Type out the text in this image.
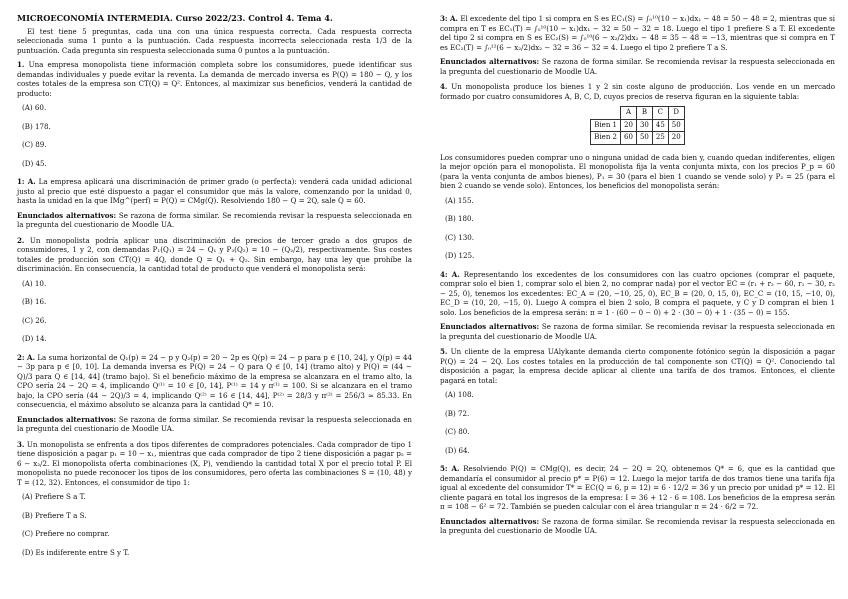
MICROECONOMÍA INTERMEDIA. Curso 2022/23. Control 4. Tema 4.

El test tiene 5 preguntas, cada una con una única respuesta correcta. Cada respuesta correcta seleccionada suma 1 punto a la puntuación. Cada respuesta incorrecta seleccionada resta 1/3 de la puntuación. Cada pregunta sin respuesta seleccionada suma 0 puntos a la puntuación.

1. Una empresa monopolista tiene información completa sobre los consumidores, puede identificar sus demandas individuales y puede evitar la reventa. La demanda de mercado inversa es P(Q) = 180 − Q, y los costes totales de la empresa son CT(Q) = Q². Entonces, al maximizar sus beneficios, venderá la cantidad de producto:

(A) 60.
(B) 178.
(C) 89.
(D) 45.

1: A. La empresa aplicará una discriminación de primer grado (o perfecta): venderá cada unidad adicional justo al precio que esté dispuesto a pagar el consumidor que más la valore, comenzando por la unidad 0, hasta la unidad en la que IMg^(perf) = P(Q) = CMg(Q). Resolviendo 180 − Q = 2Q, sale Q = 60.

Enunciados alternativos: Se razona de forma similar. Se recomienda revisar la respuesta seleccionada en la pregunta del cuestionario de Moodle UA.

2. Un monopolista podría aplicar una discriminación de precios de tercer grado a dos grupos de consumidores, 1 y 2, con demandas P₁(Q₁) = 24 − Q₁ y P₂(Q₂) = 10 − (Q₂/2), respectivamente. Sus costes totales de producción son CT(Q) = 4Q, donde Q = Q₁ + Q₂. Sin embargo, hay una ley que prohíbe la discriminación. En consecuencia, la cantidad total de producto que venderá el monopolista será:

(A) 10.
(B) 16.
(C) 26.
(D) 14.

2: A. La suma horizontal de Q₁(p) = 24 − p y Q₂(p) = 20 − 2p es Q(p) = 24 − p para p ∈ [10, 24], y Q(p) = 44 − 3p para p ∈ [0, 10]. La demanda inversa es P(Q) = 24 − Q para Q ∈ [0, 14] (tramo alto) y P(Q) = (44 − Q)/3 para Q ∈ [14, 44] (tramo bajo). Si el beneficio máximo de la empresa se alcanzara en el tramo alto, la CPO sería 24 − 2Q = 4, implicando Q⁽¹⁾ = 10 ∈ [0, 14], P⁽¹⁾ = 14 y π⁽¹⁾ = 100. Si se alcanzara en el tramo bajo, la CPO sería (44 − 2Q)/3 = 4, implicando Q⁽²⁾ = 16 ∈ [14, 44], P⁽²⁾ = 28/3 y π⁽²⁾ = 256/3 ≈ 85.33. En consecuencia, el máximo absoluto se alcanza para la cantidad Q* = 10.

Enunciados alternativos: Se razona de forma similar. Se recomienda revisar la respuesta seleccionada en la pregunta del cuestionario de Moodle UA.

3. Un monopolista se enfrenta a dos tipos diferentes de compradores potenciales. Cada comprador de tipo 1 tiene disposición a pagar p₁ = 10 − x₁, mientras que cada comprador de tipo 2 tiene disposición a pagar p₂ = 6 − x₂/2. El monopolista oferta combinaciones (X, P), vendiendo la cantidad total X por el precio total P. El monopolista no puede reconocer los tipos de los consumidores, pero oferta las combinaciones S = (10, 48) y T = (12, 32). Entonces, el consumidor de tipo 1:

(A) Prefiere S a T.
(B) Prefiere T a S.
(C) Prefiere no comprar.
(D) Es indiferente entre S y T.

3: A. El excedente del tipo 1 si compra en S es EC₁(S) = ∫₀¹⁰(10 − x₁)dx₁ − 48 = 50 − 48 = 2, mientras que si compra en T es EC₁(T) = ∫₀¹⁰(10 − x₁)dx₁ − 32 = 50 − 32 = 18. Luego el tipo 1 prefiere S a T. El excedente del tipo 2 si compra en S es EC₂(S) = ∫₀¹⁰(6 − x₂/2)dx₂ − 48 = 35 − 48 = −13, mientras que si compra en T es EC₂(T) = ∫₀¹²(6 − x₂/2)dx₂ − 32 = 36 − 32 = 4. Luego el tipo 2 prefiere T a S.

Enunciados alternativos: Se razona de forma similar. Se recomienda revisar la respuesta seleccionada en la pregunta del cuestionario de Moodle UA.

4. Un monopolista produce los bienes 1 y 2 sin coste alguno de producción. Los vende en un mercado formado por cuatro consumidores A, B, C, D, cuyos precios de reserva figuran en la siguiente tabla:

	A	B	C	D
Bien 1	20	30	45	50
Bien 2	60	50	25	20

Los consumidores pueden comprar uno o ninguna unidad de cada bien y, cuando quedan indiferentes, eligen la mejor opción para el monopolista. El monopolista fija la venta conjunta mixta, con los precios P_p = 60 (para la venta conjunta de ambos bienes), P₁ = 30 (para el bien 1 cuando se vende solo) y P₂ = 25 (para el bien 2 cuando se vende solo). Entonces, los beneficios del monopolista serán:

(A) 155.
(B) 180.
(C) 130.
(D) 125.

4: A. Representando los excedentes de los consumidores con las cuatro opciones (comprar el paquete, comprar solo el bien 1, comprar solo el bien 2, no comprar nada) por el vector EC = (r₁ + r₂ − 60, r₁ − 30, r₂ − 25, 0), tenemos los excedentes: EC_A = (20, −10, 25, 0), EC_B = (20, 0, 15, 0), EC_C = (10, 15, −10, 0), EC_D = (10, 20, −15, 0). Luego A compra el bien 2 solo, B compra el paquete, y C y D compran el bien 1 solo. Los beneficios de la empresa serán: π = 1 · (60 − 0 − 0) + 2 · (30 − 0) + 1 · (35 − 0) = 155.

Enunciados alternativos: Se razona de forma similar. Se recomienda revisar la respuesta seleccionada en la pregunta del cuestionario de Moodle UA.

5. Un cliente de la empresa UAlykante demanda cierto componente fotónico según la disposición a pagar P(Q) = 24 − 2Q. Los costes totales en la producción de tal componente son CT(Q) = Q². Conociendo tal disposición a pagar, la empresa decide aplicar al cliente una tarifa de dos tramos. Entonces, el cliente pagará en total:

(A) 108.
(B) 72.
(C) 80.
(D) 64.

5: A. Resolviendo P(Q) = CMg(Q), es decir, 24 − 2Q = 2Q, obtenemos Q* = 6, que es la cantidad que demandaría el consumidor al precio p* = P(6) = 12. Luego la mejor tarifa de dos tramos tiene una tarifa fija igual al excedente del consumidor T* = EC(Q = 6, p = 12) = 6 · 12/2 = 36 y un precio por unidad p* = 12. El cliente pagará en total los ingresos de la empresa: I = 36 + 12 · 6 = 108. Los beneficios de la empresa serán π = 108 − 6² = 72. También se pueden calcular con el área triangular π = 24 · 6/2 = 72.

Enunciados alternativos: Se razona de forma similar. Se recomienda revisar la respuesta seleccionada en la pregunta del cuestionario de Moodle UA.
